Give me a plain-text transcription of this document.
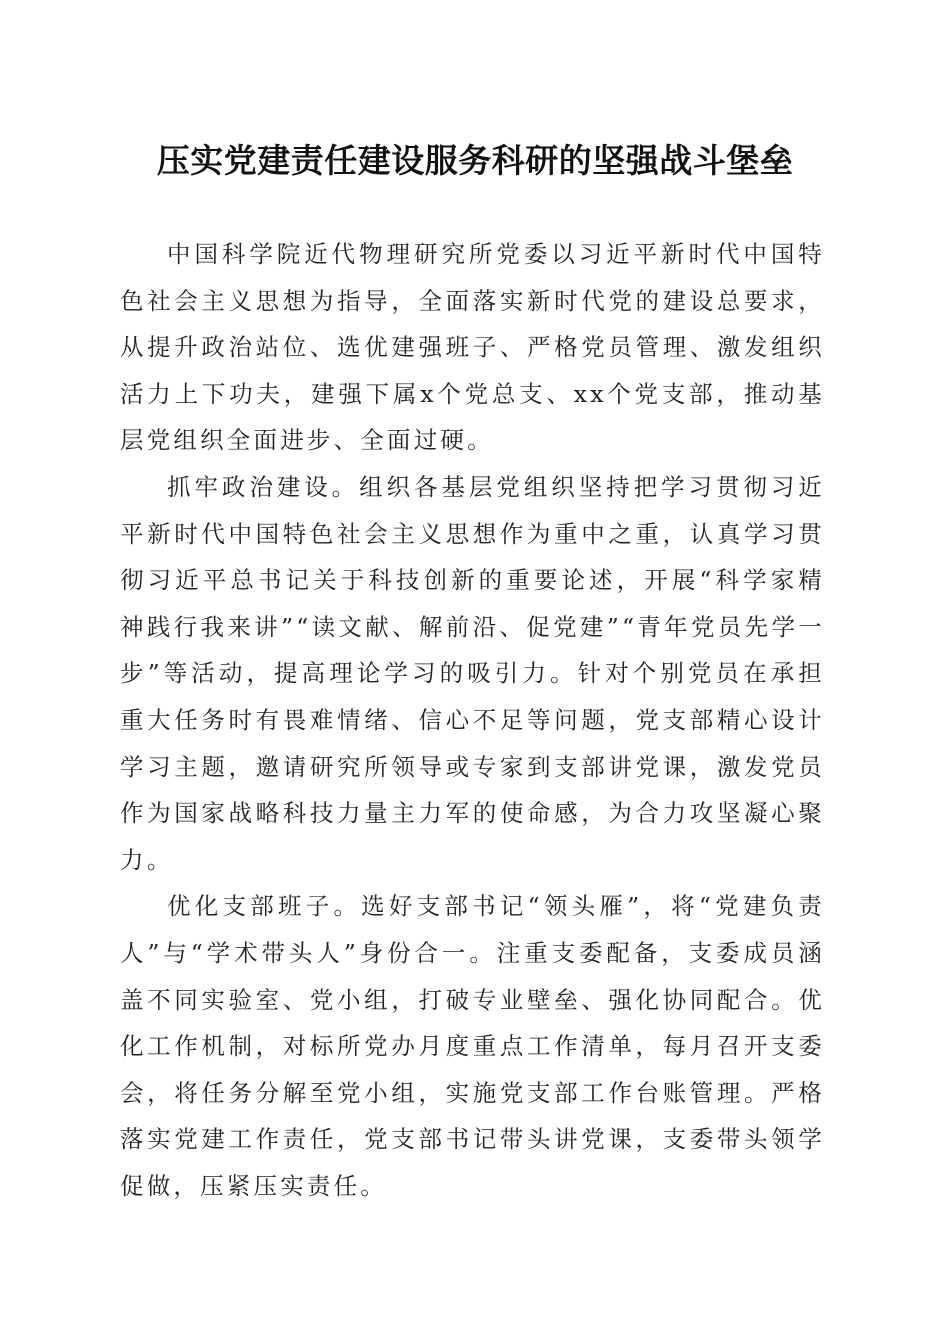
压实党建责任建设服务科研的坚强战斗堡垒

中国科学院近代物理研究所党委以习近平新时代中国特色社会主义思想为指导，全面落实新时代党的建设总要求，从提升政治站位、选优建强班子、严格党员管理、激发组织活力上下功夫，建强下属x个党总支、xx个党支部，推动基层党组织全面进步、全面过硬。

抓牢政治建设。组织各基层党组织坚持把学习贯彻习近平新时代中国特色社会主义思想作为重中之重，认真学习贯彻习近平总书记关于科技创新的重要论述，开展“科学家精神践行我来讲”“读文献、解前沿、促党建”“青年党员先学一步”等活动，提高理论学习的吸引力。针对个别党员在承担重大任务时有畏难情绪、信心不足等问题，党支部精心设计学习主题，邀请研究所领导或专家到支部讲党课，激发党员作为国家战略科技力量主力军的使命感，为合力攻坚凝心聚力。

优化支部班子。选好支部书记“领头雁”，将“党建负责人”与“学术带头人”身份合一。注重支委配备，支委成员涵盖不同实验室、党小组，打破专业壁垒、强化协同配合。优化工作机制，对标所党办月度重点工作清单，每月召开支委会，将任务分解至党小组，实施党支部工作台账管理。严格落实党建工作责任，党支部书记带头讲党课，支委带头领学促做，压紧压实责任。
